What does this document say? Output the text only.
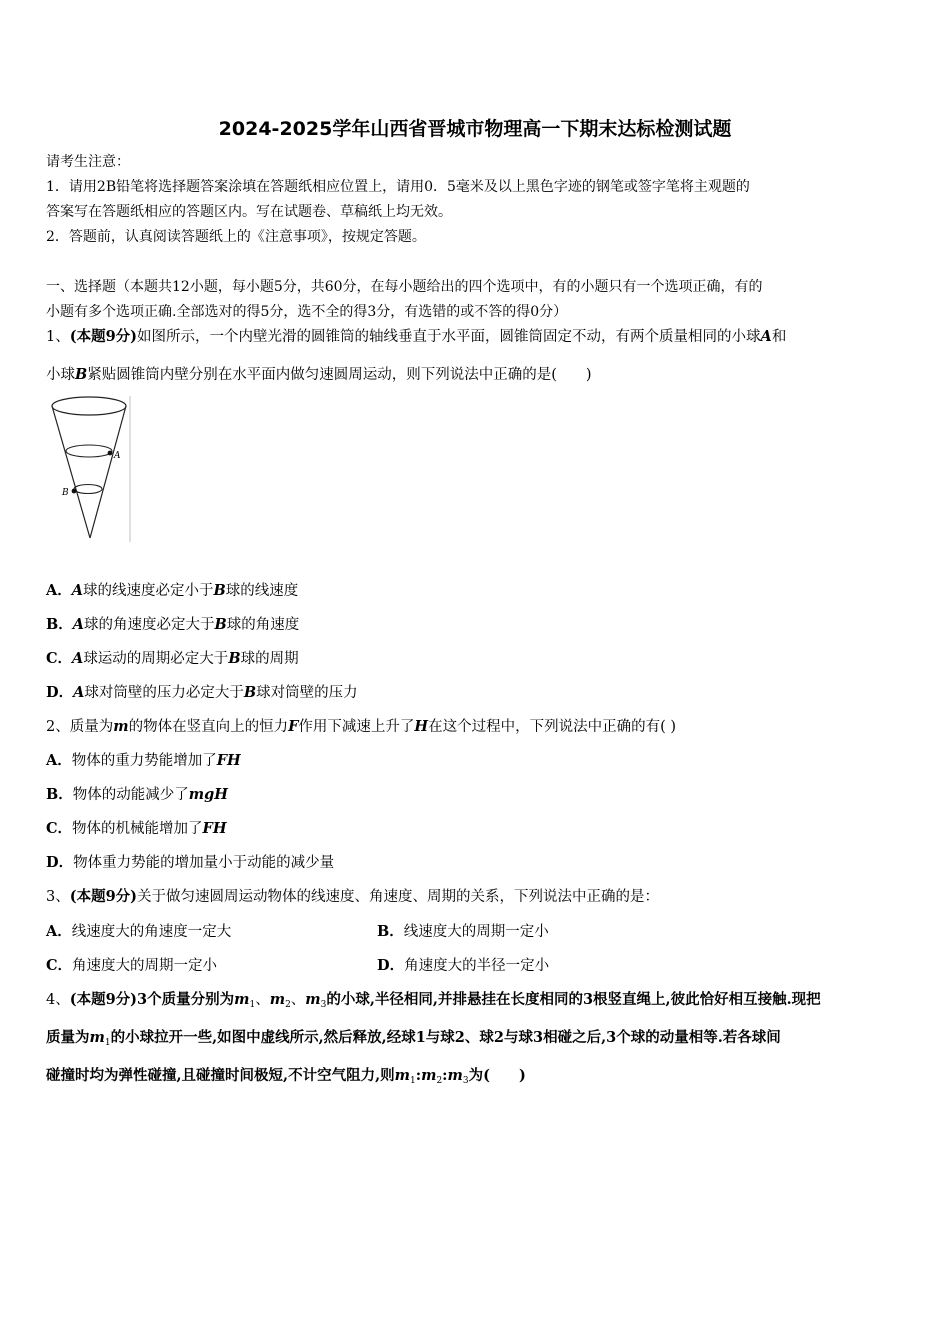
2024-2025学年山西省晋城市物理高一下期末达标检测试题
请考生注意：
1．请用2B铅笔将选择题答案涂填在答题纸相应位置上，请用0．5毫米及以上黑色字迹的钢笔或签字笔将主观题的
答案写在答题纸相应的答题区内。写在试题卷、草稿纸上均无效。
2．答题前，认真阅读答题纸上的《注意事项》，按规定答题。
一、选择题（本题共12小题，每小题5分，共60分，在每小题给出的四个选项中，有的小题只有一个选项正确，有的
小题有多个选项正确.全部选对的得5分，选不全的得3分，有选错的或不答的得0分）
1、(本题9分)如图所示，一个内壁光滑的圆锥筒的轴线垂直于水平面，圆锥筒固定不动，有两个质量相同的小球A和
小球B紧贴圆锥筒内壁分别在水平面内做匀速圆周运动，则下列说法中正确的是(　　)
A
B
A．A球的线速度必定小于B球的线速度
B．A球的角速度必定大于B球的角速度
C．A球运动的周期必定大于B球的周期
D．A球对筒壁的压力必定大于B球对筒壁的压力
2、质量为m的物体在竖直向上的恒力F作用下减速上升了H在这个过程中，下列说法中正确的有( )
A．物体的重力势能增加了FH
B．物体的动能减少了mgH
C．物体的机械能增加了FH
D．物体重力势能的增加量小于动能的减少量
3、(本题9分)关于做匀速圆周运动物体的线速度、角速度、周期的关系，下列说法中正确的是：
A．线速度大的角速度一定大	B．线速度大的周期一定小
C．角速度大的周期一定小	D．角速度大的半径一定小
4、(本题9分)3个质量分别为$m_1$、$m_2$、$m_3$的小球,半径相同,并排悬挂在长度相同的3根竖直绳上,彼此恰好相互接触.现把
质量为$m_1$的小球拉开一些,如图中虚线所示,然后释放,经球1与球2、球2与球3相碰之后,3个球的动量相等.若各球间
碰撞时均为弹性碰撞,且碰撞时间极短,不计空气阻力,则$m_1:m_2:m_3$为(　　)
